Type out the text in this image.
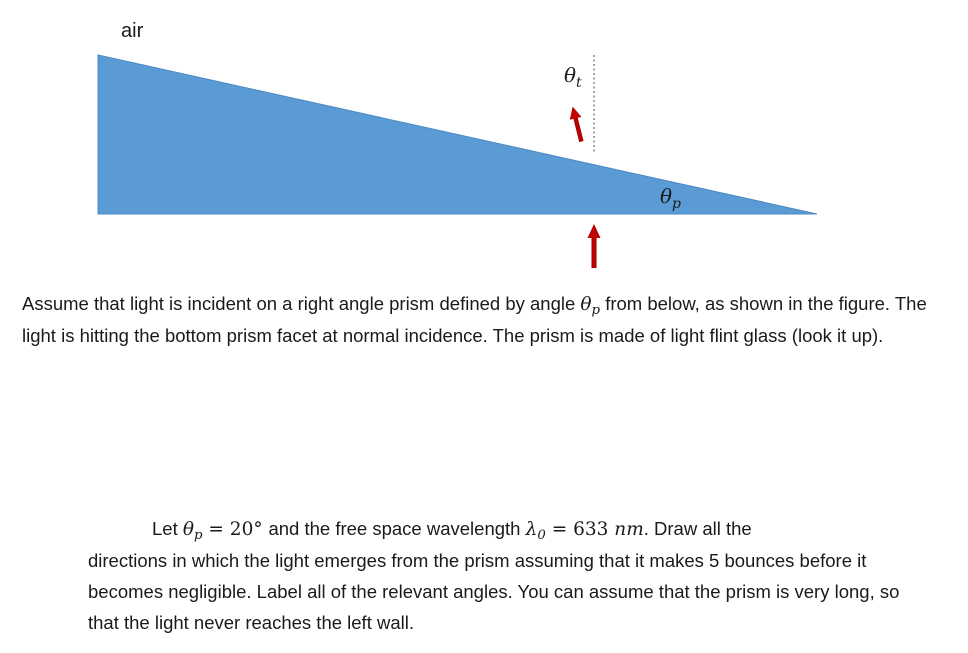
air
$\theta_t$
$\theta_p$

Assume that light is incident on a right angle prism defined by angle $\theta_p$ from below, as shown in the figure. The light is hitting the bottom prism facet at normal incidence. The prism is made of light flint glass (look it up).

Let $\theta_p = 20^\circ$ and the free space wavelength $\lambda_0 = 633$ nm. Draw all the
directions in which the light emerges from the prism assuming that it makes 5 bounces before it becomes negligible. Label all of the relevant angles. You can assume that the prism is very long, so that the light never reaches the left wall.
